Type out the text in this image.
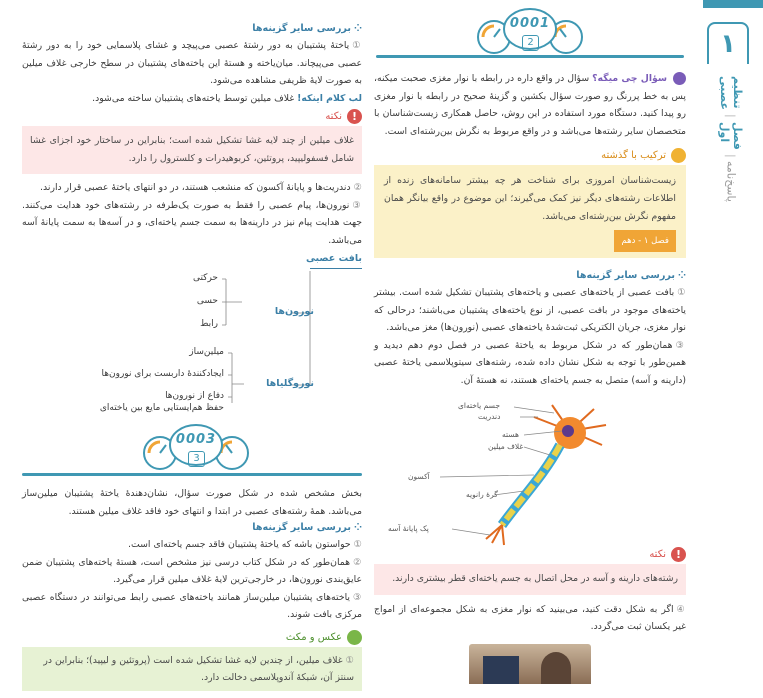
۱
تنظیم عصبی
|
فصل اول
|
پاسخ‌نامه
0001
2

سؤال چی میگه؟ سؤال در واقع داره در رابطه با نوار مغزی صحبت میکنه، پس به خط پررنگ رو صورت سؤال بکشین و گزینهٔ صحیح در رابطه با نوار مغزی رو پیدا کنید. دستگاه مورد استفاده در این روش، حاصل همکاری زیست‌شناسان با متخصصان سایر رشته‌ها می‌باشد و در واقع مربوط به نگرش بین‌رشته‌ای است.

ترکیب با گذشته
زیست‌شناسان امروزی برای شناخت هر چه بیشتر سامانه‌های زنده از اطلاعات رشته‌های دیگر نیز کمک می‌گیرند؛ این موضوع در واقع بیانگر همان مفهوم نگرش بین‌رشته‌ای می‌باشد.
فصل ۱ - دهم
⁘بررسی سایر گزینه‌ها

①بافت عصبی از یاخته‌های عصبی و یاخته‌های پشتیبان تشکیل شده است. بیشتر یاخته‌های موجود در بافت عصبی، از نوع یاخته‌های پشتیبان می‌باشند؛ درحالی که نوار مغزی، جریان الکتریکی ثبت‌شدهٔ یاخته‌های عصبی (نورون‌ها) مغز می‌باشد.

③همان‌طور که در شکل مربوط به یاختهٔ عصبی در فصل دوم دهم دیدید و همین‌طور با توجه به شکل نشان داده شده، رشته‌های سیتوپلاسمی یاختهٔ عصبی (دارینه و آسه) متصل به جسم یاخته‌ای هستند، نه هستهٔ آن.

جسم یاخته‌ای
دندریت
هسته
غلاف میلین
آکسون
گرهٔ رانویه
پک پایانهٔ آسه
!
نکته
رشته‌های دارینه و آسه در محل اتصال به جسم یاخته‌ای قطر بیشتری دارند.

④اگر به شکل دقت کنید، می‌بینید که نوار مغزی به شکل مجموعه‌ای از امواج غیر یکسان ثبت می‌گردد.

⁘بررسی سایر گزینه‌ها

①یاختهٔ پشتیبان به دور رشتهٔ عصبی می‌پیچد و غشای پلاسمایی خود را به دور رشتهٔ عصبی می‌پیچاند. میان‌یاخته و هستهٔ این یاخته‌های پشتیبان در سطح خارجی غلاف میلین به صورت لایهٔ ظریفی مشاهده می‌شود.

لب کلام اینکه! غلاف میلین توسط یاخته‌های پشتیبان ساخته می‌شود.

!
نکته
غلاف میلین از چند لایه غشا تشکیل شده است؛ بنابراین در ساختار خود اجزای غشا شامل فسفولیپید، پروتئین، کربوهیدرات و کلسترول را دارد.

②دندریت‌ها و پایانهٔ آکسون که منشعب هستند، در دو انتهای یاختهٔ عصبی قرار دارند.

③نورون‌ها، پیام عصبی را فقط به صورت یک‌طرفه در رشته‌های خود هدایت می‌کنند. جهت هدایت پیام نیز در دارینه‌ها به سمت جسم یاخته‌ای، و در آسه‌ها به سمت پایانهٔ آسه می‌باشد.

بافت عصبی
نورون‌ها
حرکتی
حسی
رابط
نوروگلیاها
میلین‌ساز
ایجادکنندهٔ داربست برای نورون‌ها
دفاع از نورون‌ها
حفظ هم‌ایستایی مایع بین یاخته‌ای
0003
3

بخش مشخص شده در شکل صورت سؤال، نشان‌دهندهٔ یاختهٔ پشتیبان میلین‌ساز می‌باشد. همهٔ رشته‌های عصبی در ابتدا و انتهای خود فاقد غلاف میلین هستند.

⁘بررسی سایر گزینه‌ها

①حواستون باشه که یاختهٔ پشتیبان فاقد جسم یاخته‌ای است.

②همان‌طور که در شکل کتاب درسی نیز مشخص است، هستهٔ یاخته‌های پشتیبان ضمن عایق‌بندی نورون‌ها، در خارجی‌ترین لایهٔ غلاف میلین قرار می‌گیرد.

③یاخته‌های پشتیبان میلین‌ساز همانند یاخته‌های عصبی رابط می‌توانند در دستگاه عصبی مرکزی بافت شوند.

عکس و مکث
①غلاف میلین، از چندین لایه غشا تشکیل شده است (پروتئین و لیپید)؛ بنابراین در سنتز آن، شبکهٔ آندوپلاسمی دخالت دارد.
